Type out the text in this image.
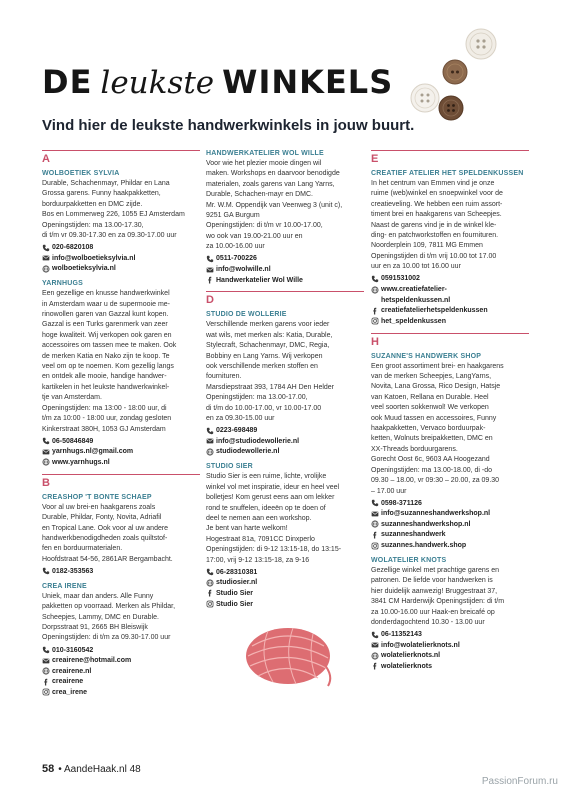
DE leukste WINKELS
Vind hier de leukste handwerkwinkels in jouw buurt.
A
WOLBOETIEK SYLVIA
Durable, Schachenmayr, Phildar en Lana
Grossa garens. Funny haakpakketten,
borduurpakketten en DMC zijde.
Bos en Lommerweg 226, 1055 EJ Amsterdam
Openingstijden: ma 13.00-17.30,
di t/m vr 09.30-17.30 en za 09.30-17.00 uur
020-6820108
info@wolboetieksylvia.nl
wolboetieksylvia.nl
YARNHUGS
Een gezellige en knusse handwerkwinkel
in Amsterdam waar u de supermooie me-
rinowollen garen van Gazzal kunt kopen.
Gazzal is een Turks garenmerk van zeer
hoge kwaliteit. Wij verkopen ook garen en
accessoires om tassen mee te maken. Ook
de merken Katia en Nako zijn te koop. Te
veel om op te noemen. Kom gezellig langs
en ontdek alle mooie, handige handwer-
kartikelen in het leukste handwerkwinkel-
tje van Amsterdam.
Openingstijden: ma 13:00 - 18:00 uur, di
t/m za 10:00 - 18:00 uur, zondag gesloten
Kinkerstraat 380H, 1053 GJ Amsterdam
06-50846849
yarnhugs.nl@gmail.com
www.yarnhugs.nl
B
CREASHOP 'T BONTE SCHAEP
Voor al uw brei-en haakgarens zoals
Durable, Phildar, Fonty, Novita, Adriafil
en Tropical Lane. Ook voor al uw andere
handwerkbenodigdheden zoals quiltstof-
fen en borduurmaterialen.
Hoofdstraat 54-56, 2861AR Bergambacht.
0182-353563
CREA IRENE
Uniek, maar dan anders. Alle Funny
pakketten op voorraad. Merken als Phildar,
Scheepjes, Lammy, DMC en Durable.
Dorpsstraat 91, 2665 BH Bleiswijk
Openingstijden: di t/m za 09.30-17.00 uur
010-3160542
creairene@hotmail.com
creairene.nl
creairene
crea_irene
HANDWERKATELIER WOL WILLE
Voor wie het plezier mooie dingen wil
maken. Workshops en daarvoor benodigde
materialen, zoals garens van Lang Yarns,
Durable, Schachen-mayr en DMC.
Mr. W.M. Oppendijk van Veenweg 3 (unit c),
9251 GA Burgum
Openingstijden: di t/m vr 10.00-17.00,
wo ook van 19.00-21.00 uur en
za 10.00-16.00 uur
0511-700226
info@wolwille.nl
Handwerkatelier Wol Wille
D
STUDIO DE WOLLERIE
Verschillende merken garens voor ieder
wat wils, met merken als: Katia, Durable,
Stylecraft, Schachenmayr, DMC, Regia,
Bobbiny en Lang Yarns. Wij verkopen
ook verschillende merken stoffen en
fournituren.
Marsdiepstraat 393, 1784 AH Den Helder
Openingstijden: ma 13.00-17.00,
di t/m do 10.00-17.00, vr 10.00-17.00
en za 09.30-15.00 uur
0223-698489
info@studiodewollerie.nl
studiodewollerie.nl
STUDIO SIER
Studio Sier is een ruime, lichte, vrolijke
winkel vol met inspiratie, ideur en heel veel
bolletjes! Kom gerust eens aan om lekker
rond te snuffelen, ideeën op te doen of
deel te nemen aan een workshop.
Je bent van harte welkom!
Hogestraat 81a, 7091CC Dinxperlo
Openingstijden: di 9-12 13:15-18, do 13:15-
17:00, vrij 9-12 13:15-18, za 9-16
06-28310381
studiosier.nl
Studio Sier
Studio Sier
E
CREATIEF ATELIER HET SPELDENKUSSEN
In het centrum van Emmen vind je onze
ruime (web)winkel en snoepwinkel voor de
creatieveling. We hebben een ruim assort-
timent brei en haakgarens van Scheepjes.
Naast de garens vind je in de winkel kle-
ding- en patchworkstoffen en fournituren.
Noorderplein 109, 7811 MG Emmen
Openingstijden di t/m vrij 10.00 tot 17.00
uur en za 10.00 tot 16.00 uur
0591531002
www.creatiefatelier-
hetspeldenkussen.nl
creatiefatelierhetspeldenkussen
het_speldenkussen
H
SUZANNE'S HANDWERK SHOP
Een groot assortiment brei- en haakgarens
van de merken Scheepjes, LangYarns,
Novita, Lana Grossa, Rico Design, Hatsje
van Katoen, Rellana en Durable. Heel
veel soorten sokkenwol! We verkopen
ook Muud tassen en accessoires, Funny
haakpakketten, Vervaco borduurpak-
ketten, Wolnuts breipakketten, DMC en
XX-Threads borduurgarens.
Gorecht Oost 6c, 9603 AA Hoogezand
Openingstijden: ma 13.00-18.00, di -do
09.30 – 18.00, vr 09:30 – 20.00, za 09.30
– 17.00 uur
0598-371126
info@suzanneshandwerkshop.nl
suzanneshandwerkshop.nl
suzanneshandwerk
suzannes.handwerk.shop
WOLATELIER KNOTS
Gezellige winkel met prachtige garens en
patronen. De liefde voor handwerken is
hier duidelijk aanwezig! Bruggestraat 37,
3841 CM Harderwijk Openingstijden: di t/m
za 10.00-16.00 uur Haak-en breicafé op
donderdagochtend 10.30 - 13.00 uur
06-11352143
info@wolatelierknots.nl
wolatelierknots.nl
wolatelierknots
58 • AandeHaak.nl 48
PassionForum.ru
